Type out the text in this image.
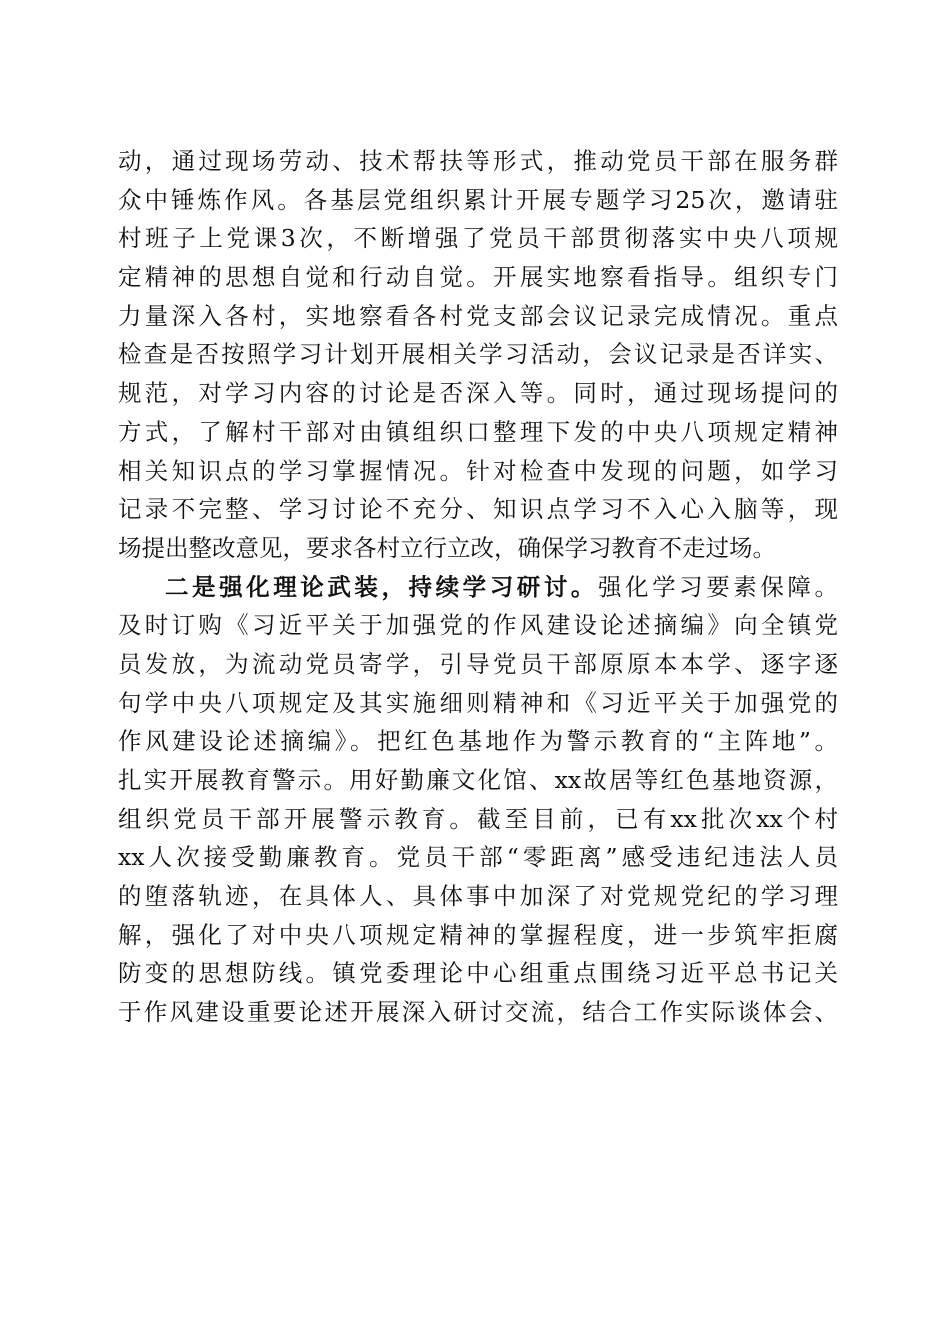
动，通过现场劳动、技术帮扶等形式，推动党员干部在服务群
众中锤炼作风。各基层党组织累计开展专题学习25次，邀请驻
村班子上党课3次，不断增强了党员干部贯彻落实中央八项规
定精神的思想自觉和行动自觉。开展实地察看指导。组织专门
力量深入各村，实地察看各村党支部会议记录完成情况。重点
检查是否按照学习计划开展相关学习活动，会议记录是否详实、
规范，对学习内容的讨论是否深入等。同时，通过现场提问的
方式，了解村干部对由镇组织口整理下发的中央八项规定精神
相关知识点的学习掌握情况。针对检查中发现的问题，如学习
记录不完整、学习讨论不充分、知识点学习不入心入脑等，现
场提出整改意见，要求各村立行立改，确保学习教育不走过场。
二是强化理论武装，持续学习研讨。强化学习要素保障。
及时订购《习近平关于加强党的作风建设论述摘编》向全镇党
员发放，为流动党员寄学，引导党员干部原原本本学、逐字逐
句学中央八项规定及其实施细则精神和《习近平关于加强党的
作风建设论述摘编》。把红色基地作为警示教育的“主阵地”。
扎实开展教育警示。用好勤廉文化馆、xx故居等红色基地资源，
组织党员干部开展警示教育。截至目前，已有xx批次xx个村
xx人次接受勤廉教育。党员干部“零距离”感受违纪违法人员
的堕落轨迹，在具体人、具体事中加深了对党规党纪的学习理
解，强化了对中央八项规定精神的掌握程度，进一步筑牢拒腐
防变的思想防线。镇党委理论中心组重点围绕习近平总书记关
于作风建设重要论述开展深入研讨交流，结合工作实际谈体会、
